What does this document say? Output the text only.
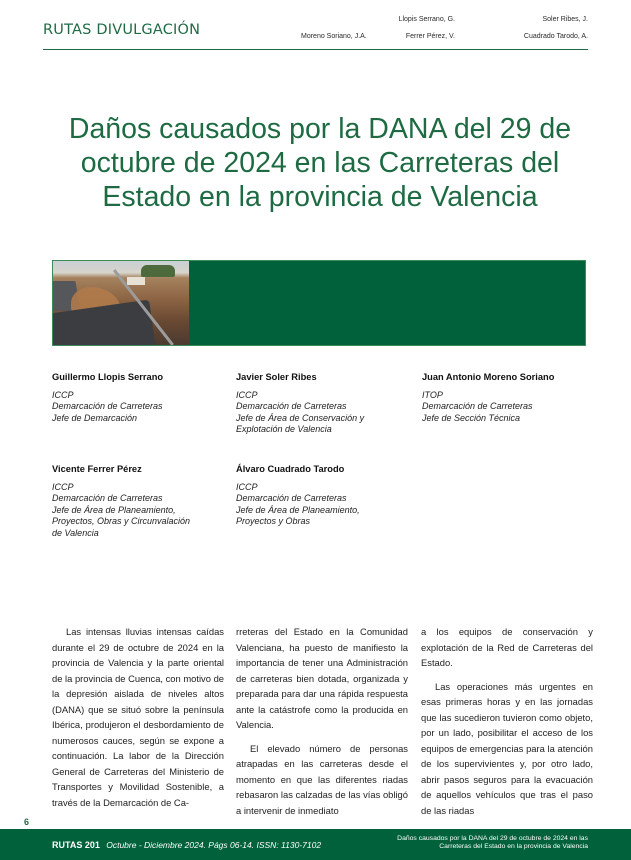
RUTAS DIVULGACIÓN	Moreno Soriano, J.A.
Llopis Serrano, G.
Ferrer Pérez, V.
Soler Ribes, J.
Cuadrado Tarodo, A.
Daños causados por la DANA del 29 de
octubre de 2024 en las Carreteras del
Estado en la provincia de Valencia
Guillermo Llopis Serrano
ICCP
Demarcación de Carreteras
Jefe de Demarcación
Javier Soler Ribes
ICCP
Demarcación de Carreteras
Jefe de Área de Conservación y
Explotación de Valencia
Juan Antonio Moreno Soriano
ITOP
Demarcación de Carreteras
Jefe de Sección Técnica
Vicente Ferrer Pérez
ICCP
Demarcación de Carreteras
Jefe de Área de Planeamiento,
Proyectos, Obras y Circunvalación
de Valencia
Álvaro Cuadrado Tarodo
ICCP
Demarcación de Carreteras
Jefe de Área de Planeamiento,
Proyectos y Obras

Las intensas lluvias intensas caídas durante el 29 de octubre de 2024 en la provincia de Valencia y la parte oriental de la provincia de Cuenca, con motivo de la depresión aislada de niveles altos (DANA) que se situó sobre la península Ibérica, produjeron el desbordamiento de numerosos cauces, según se expone a continuación. La labor de la Dirección General de Carreteras del Ministerio de Transportes y Movilidad Sostenible, a través de la Demarcación de Ca-

rreteras del Estado en la Comunidad Valenciana, ha puesto de manifiesto la importancia de tener una Administración de carreteras bien dotada, organizada y preparada para dar una rápida respuesta ante la catástrofe como la producida en Valencia.

El elevado número de personas atrapadas en las carreteras desde el momento en que las diferentes riadas rebasaron las calzadas de las vías obligó a intervenir de inmediato

a los equipos de conservación y explotación de la Red de Carreteras del Estado.

Las operaciones más urgentes en esas primeras horas y en las jornadas que las sucedieron tuvieron como objeto, por un lado, posibilitar el acceso de los equipos de emergencias para la atención de los supervivientes y, por otro lado, abrir pasos seguros para la evacuación de aquellos vehículos que tras el paso de las riadas

6
RUTAS 201 Octubre - Diciembre 2024. Págs 06-14. ISSN: 1130-7102
Daños causados por la DANA del 29 de octubre de 2024 en las
Carreteras del Estado en la provincia de Valencia
